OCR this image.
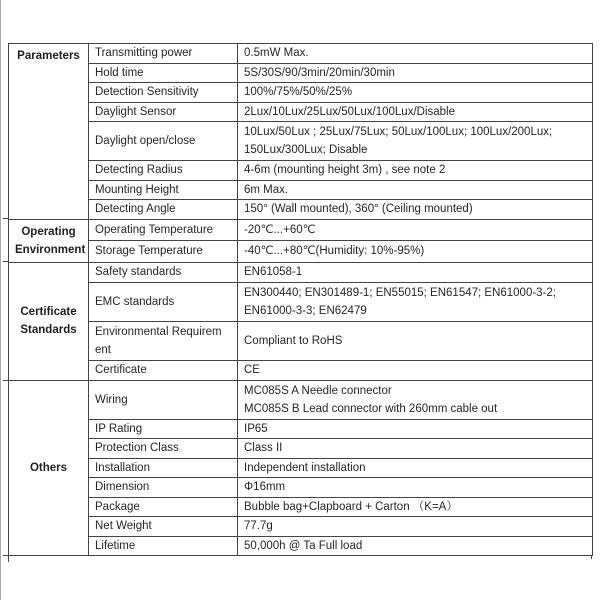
Parameters	Transmitting power	0.5mW Max.

	Hold time	5S/30S/90/3min/20min/30min

	Detection Sensitivity	100%/75%/50%/25%

	Daylight Sensor	2Lux/10Lux/25Lux/50Lux/100Lux/Disable

	Daylight open/close	10Lux/50Lux ; 25Lux/75Lux; 50Lux/100Lux; 100Lux/200Lux;
150Lux/300Lux; Disable

	Detecting Radius	4-6m (mounting height 3m) , see note 2

	Mounting Height	6m Max.

	Detecting Angle	150° (Wall mounted), 360° (Ceiling mounted)

Operating Environment	Operating Temperature	-20℃...+60℃

	Storage Temperature	-40℃...+80℃(Humidity: 10%-95%)

Certificate Standards	Safety standards	EN61058-1

	EMC standards	EN300440; EN301489-1; EN55015; EN61547; EN61000-3-2;
EN61000-3-3; EN62479

	Environmental Requirement	Compliant to RoHS

	Certificate	CE

Others	Wiring	MC085S A Needle connector
MC085S B Lead connector with 260mm cable out

	IP Rating	IP65

	Protection Class	Class II

	Installation	Independent installation

	Dimension	Φ16mm

	Package	Bubble bag+Clapboard + Carton （K=A）

	Net Weight	77.7g

	Lifetime	50,000h @ Ta Full load
